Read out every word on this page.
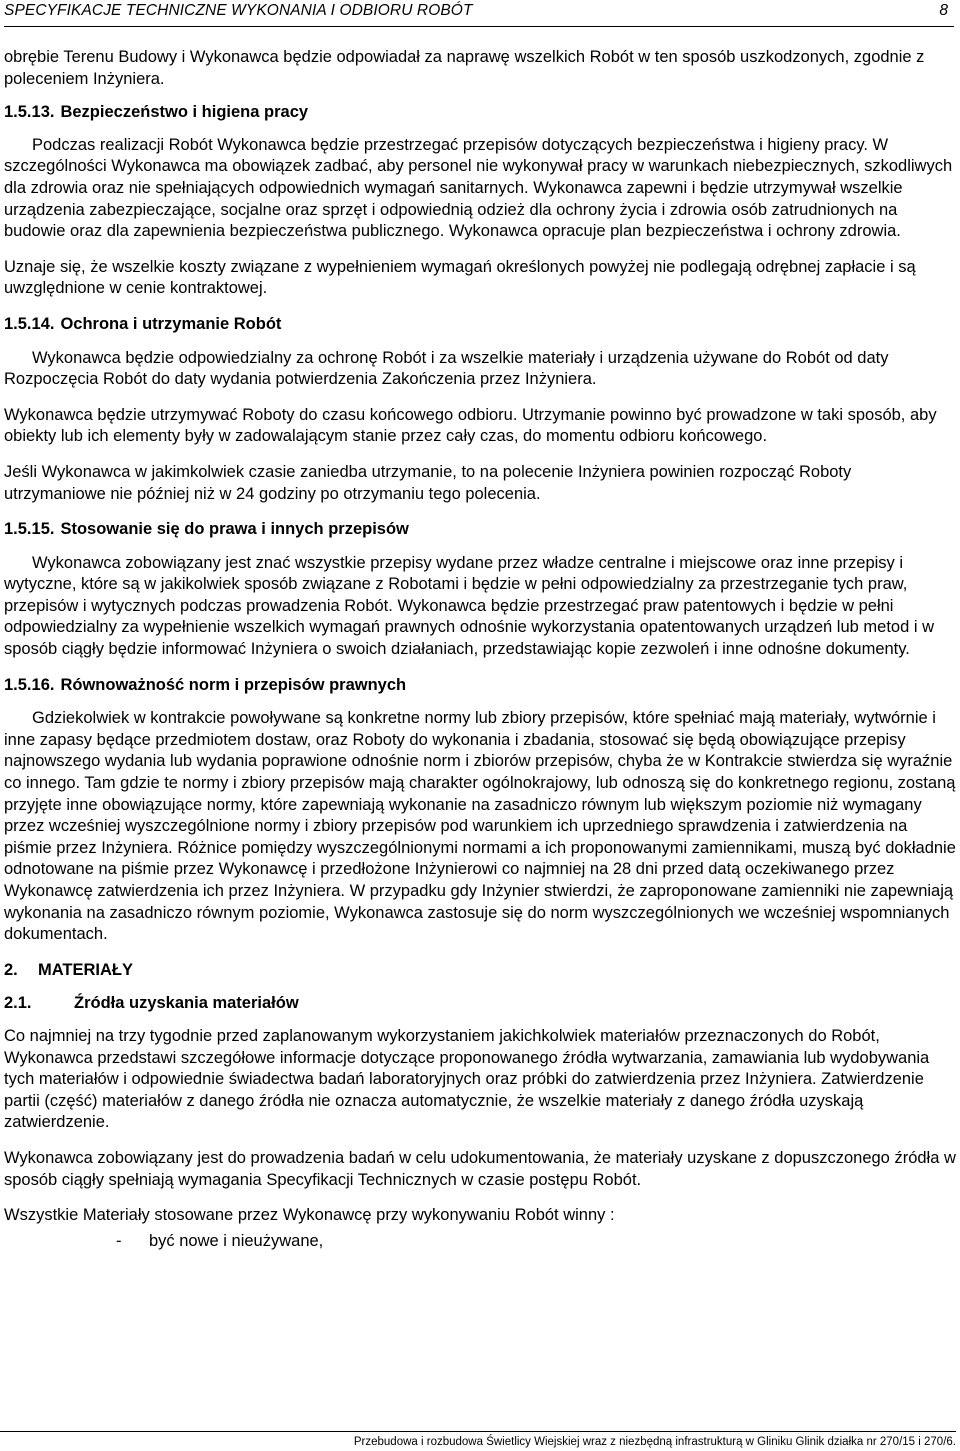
SPECYFIKACJE TECHNICZNE WYKONANIA I ODBIORU ROBÓT	8

obrębie Terenu Budowy i Wykonawca będzie odpowiadał za naprawę wszelkich Robót w ten sposób uszkodzonych, zgodnie z poleceniem Inżyniera.

1.5.13. Bezpieczeństwo i higiena pracy

Podczas realizacji Robót Wykonawca będzie przestrzegać przepisów dotyczących bezpieczeństwa i higieny pracy. W szczególności Wykonawca ma obowiązek zadbać, aby personel nie wykonywał pracy w warunkach niebezpiecznych, szkodliwych dla zdrowia oraz nie spełniających odpowiednich wymagań sanitarnych. Wykonawca zapewni i będzie utrzymywał wszelkie urządzenia zabezpieczające, socjalne oraz sprzęt i odpowiednią odzież dla ochrony życia i zdrowia osób zatrudnionych na budowie oraz dla zapewnienia bezpieczeństwa publicznego. Wykonawca opracuje plan bezpieczeństwa i ochrony zdrowia.

Uznaje się, że wszelkie koszty związane z wypełnieniem wymagań określonych powyżej nie podlegają odrębnej zapłacie i są uwzględnione w cenie kontraktowej.

1.5.14. Ochrona i utrzymanie Robót

Wykonawca będzie odpowiedzialny za ochronę Robót i za wszelkie materiały i urządzenia używane do Robót od daty Rozpoczęcia Robót do daty wydania potwierdzenia Zakończenia przez Inżyniera.

Wykonawca będzie utrzymywać Roboty do czasu końcowego odbioru. Utrzymanie powinno być prowadzone w taki sposób, aby obiekty lub ich elementy były w zadowalającym stanie przez cały czas, do momentu odbioru końcowego.

Jeśli Wykonawca w jakimkolwiek czasie zaniedba utrzymanie, to na polecenie Inżyniera powinien rozpocząć Roboty utrzymaniowe nie później niż w 24 godziny po otrzymaniu tego polecenia.

1.5.15. Stosowanie się do prawa i innych przepisów

Wykonawca zobowiązany jest znać wszystkie przepisy wydane przez władze centralne i miejscowe oraz inne przepisy i wytyczne, które są w jakikolwiek sposób związane z Robotami i będzie w pełni odpowiedzialny za przestrzeganie tych praw, przepisów i wytycznych podczas prowadzenia Robót. Wykonawca będzie przestrzegać praw patentowych i będzie w pełni odpowiedzialny za wypełnienie wszelkich wymagań prawnych odnośnie wykorzystania opatentowanych urządzeń lub metod i w sposób ciągły będzie informować Inżyniera o swoich działaniach, przedstawiając kopie zezwoleń i inne odnośne dokumenty.

1.5.16. Równoważność norm i przepisów prawnych

Gdziekolwiek w kontrakcie powoływane są konkretne normy lub zbiory przepisów, które spełniać mają materiały, wytwórnie i inne zapasy będące przedmiotem dostaw, oraz Roboty do wykonania i zbadania, stosować się będą obowiązujące przepisy najnowszego wydania lub wydania poprawione odnośnie norm i zbiorów przepisów, chyba że w Kontrakcie stwierdza się wyraźnie co innego. Tam gdzie te normy i zbiory przepisów mają charakter ogólnokrajowy, lub odnoszą się do konkretnego regionu, zostaną przyjęte inne obowiązujące normy, które zapewniają wykonanie na zasadniczo równym lub większym poziomie niż wymagany przez wcześniej wyszczególnione normy i zbiory przepisów pod warunkiem ich uprzedniego sprawdzenia i zatwierdzenia na piśmie przez Inżyniera. Różnice pomiędzy wyszczególnionymi normami a ich proponowanymi zamiennikami, muszą być dokładnie odnotowane na piśmie przez Wykonawcę i przedłożone Inżynierowi co najmniej na 28 dni przed datą oczekiwanego przez Wykonawcę zatwierdzenia ich przez Inżyniera. W przypadku gdy Inżynier stwierdzi, że zaproponowane zamienniki nie zapewniają wykonania na zasadniczo równym poziomie, Wykonawca zastosuje się do norm wyszczególnionych we wcześniej wspomnianych dokumentach.

2. MATERIAŁY
2.1.	Źródła uzyskania materiałów

Co najmniej na trzy tygodnie przed zaplanowanym wykorzystaniem jakichkolwiek materiałów przeznaczonych do Robót, Wykonawca przedstawi szczegółowe informacje dotyczące proponowanego źródła wytwarzania, zamawiania lub wydobywania tych materiałów i odpowiednie świadectwa badań laboratoryjnych oraz próbki do zatwierdzenia przez Inżyniera. Zatwierdzenie partii (część) materiałów z danego źródła nie oznacza automatycznie, że wszelkie materiały z danego źródła uzyskają zatwierdzenie.

Wykonawca zobowiązany jest do prowadzenia badań w celu udokumentowania, że materiały uzyskane z dopuszczonego źródła w sposób ciągły spełniają wymagania Specyfikacji Technicznych w czasie postępu Robót.

Wszystkie Materiały stosowane przez Wykonawcę przy wykonywaniu Robót winny :

- być nowe i nieużywane,
Przebudowa i rozbudowa Świetlicy Wiejskiej wraz z niezbędną infrastrukturą w Gliniku Glinik działka nr 270/15 i 270/6.
